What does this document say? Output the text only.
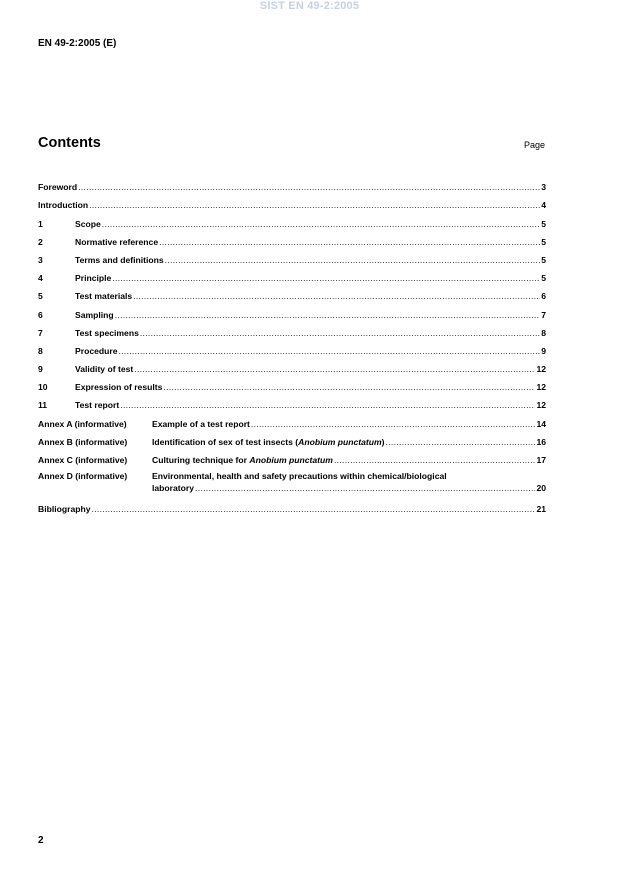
SIST EN 49-2:2005
EN 49-2:2005 (E)
Contents	Page
Foreword .....	3
Introduction .....	4
1	Scope .....	5
2	Normative reference .....	5
3	Terms and definitions .....	5
4	Principle .....	5
5	Test materials .....	6
6	Sampling .....	7
7	Test specimens .....	8
8	Procedure .....	9
9	Validity of test .....	12
10	Expression of results .....	12
11	Test report .....	12
Annex A (informative)	Example of a test report .....	14
Annex B (informative)	Identification of sex of test insects (Anobium punctatum) .....	16
Annex C (informative)	Culturing technique for Anobium punctatum .....	17
Annex D (informative)	Environmental, health and safety precautions within chemical/biological
laboratory .....	20
Bibliography .....	21
2
